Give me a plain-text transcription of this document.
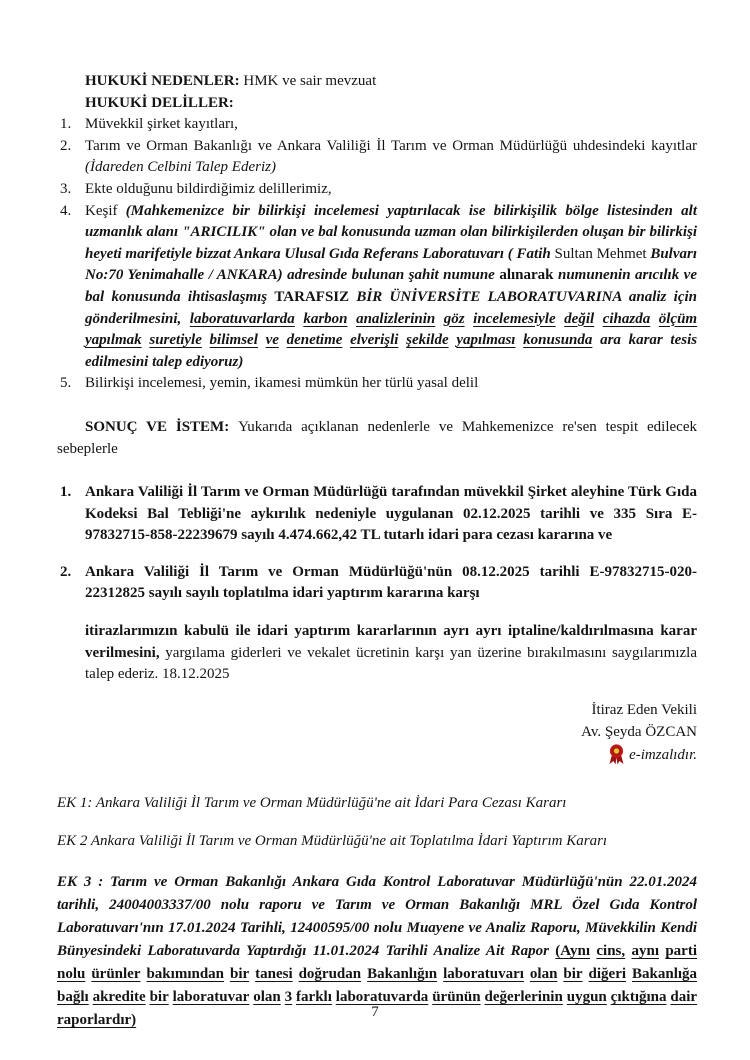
HUKUKİ NEDENLER: HMK ve sair mevzuat

HUKUKİ DELİLLER:

1. Müvekkil şirket kayıtları,
2. Tarım ve Orman Bakanlığı ve Ankara Valiliği İl Tarım ve Orman Müdürlüğü uhdesindeki kayıtlar (İdareden Celbini Talep Ederiz)
3. Ekte olduğunu bildirdiğimiz delillerimiz,
4. Keşif (Mahkemenizce bir bilirkişi incelemesi yaptırılacak ise bilirkişilik bölge listesinden alt uzmanlık alanı "ARICILIK" olan ve bal konusunda uzman olan bilirkişilerden oluşan bir bilirkişi heyeti marifetiyle bizzat Ankara Ulusal Gıda Referans Laboratuvarı ( Fatih Sultan Mehmet Bulvarı No:70 Yenimahalle / ANKARA) adresinde bulunan şahit numune alınarak numunenin arıcılık ve bal konusunda ihtisaslaşmış TARAFSIZ BİR ÜNİVERSİTE LABORATUVARINA analiz için gönderilmesini, laboratuvarlarda karbon analizlerinin göz incelemesiyle değil cihazda ölçüm yapılmak suretiyle bilimsel ve denetime elverişli şekilde yapılması konusunda ara karar tesis edilmesini talep ediyoruz)
5. Bilirkişi incelemesi, yemin, ikamesi mümkün her türlü yasal delil

SONUÇ VE İSTEM: Yukarıda açıklanan nedenlerle ve Mahkemenizce re'sen tespit edilecek sebeplerle

1. Ankara Valiliği İl Tarım ve Orman Müdürlüğü tarafından müvekkil Şirket aleyhine Türk Gıda Kodeksi Bal Tebliği'ne aykırılık nedeniyle uygulanan 02.12.2025 tarihli ve 335 Sıra E-97832715-858-22239679 sayılı 4.474.662,42 TL tutarlı idari para cezası kararına ve
2. Ankara Valiliği İl Tarım ve Orman Müdürlüğü'nün 08.12.2025 tarihli E-97832715-020-22312825 sayılı sayılı toplatılma idari yaptırım kararına karşı

itirazlarımızın kabulü ile idari yaptırım kararlarının ayrı ayrı iptaline/kaldırılmasına karar verilmesini, yargılama giderleri ve vekalet ücretinin karşı yan üzerine bırakılmasını saygılarımızla talep ederiz. 18.12.2025

İtiraz Eden Vekili
Av. Şeyda ÖZCAN
e-imzalıdır.

EK 1: Ankara Valiliği İl Tarım ve Orman Müdürlüğü'ne ait İdari Para Cezası Kararı

EK 2 Ankara Valiliği İl Tarım ve Orman Müdürlüğü'ne ait Toplatılma İdari Yaptırım Kararı

EK 3 : Tarım ve Orman Bakanlığı Ankara Gıda Kontrol Laboratuvar Müdürlüğü'nün 22.01.2024 tarihli, 24004003337/00 nolu raporu ve Tarım ve Orman Bakanlığı MRL Özel Gıda Kontrol Laboratuvarı'nın 17.01.2024 Tarihli, 12400595/00 nolu Muayene ve Analiz Raporu, Müvekkilin Kendi Bünyesindeki Laboratuvarda Yaptırdığı 11.01.2024 Tarihli Analize Ait Rapor (Aynı cins, aynı parti nolu ürünler bakımından bir tanesi doğrudan Bakanlığın laboratuvarı olan bir diğeri Bakanlığa bağlı akredite bir laboratuvar olan 3 farklı laboratuvarda ürünün değerlerinin uygun çıktığına dair raporlardır)	7
